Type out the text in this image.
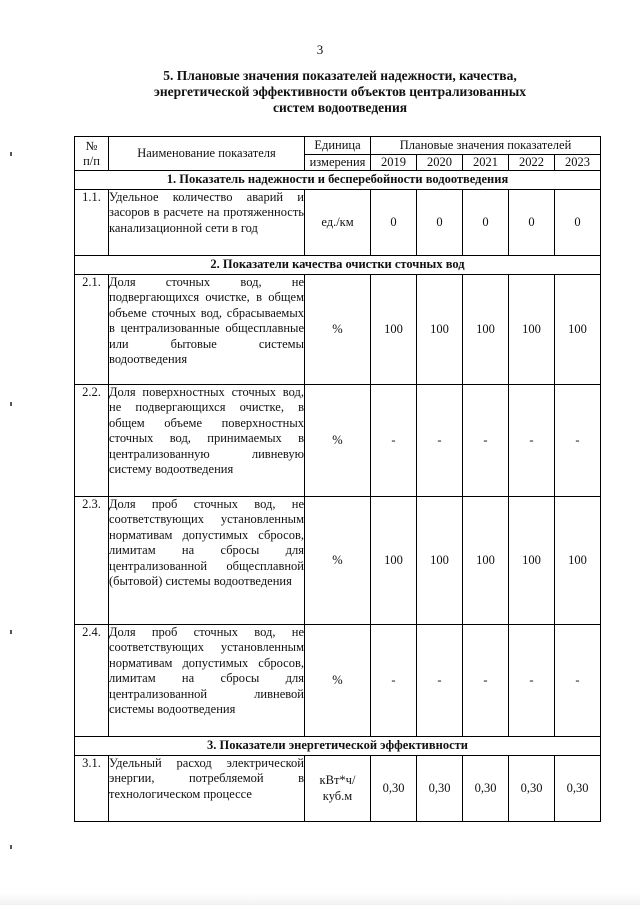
3
5. Плановые значения показателей надежности, качества,
энергетической эффективности объектов централизованных
систем водоотведения
№
п/п	Наименование показателя	Единица	Плановые значения показателей				
		измерения	2019	2020	2021	2022	2023
1. Показатель надежности и бесперебойности водоотведения							
1.1.	Удельное количество аварий и засоров в расчете на протяженность канализационной сети в год	ед./км	0	0	0	0	0
2. Показатели качества очистки сточных вод							
2.1.	Доля сточных вод, не подвергающихся очистке, в общем объеме сточных вод, сбрасываемых в централизованные общесплавные или бытовые системы водоотведения	%	100	100	100	100	100
2.2.	Доля поверхностных сточных вод, не подвергающихся очистке, в общем объеме поверхностных сточных вод, принимаемых в централизованную ливневую систему водоотведения	%	-	-	-	-	-
2.3.	Доля проб сточных вод, не соответствующих установленным нормативам допустимых сбросов, лимитам на сбросы для централизованной общесплавной (бытовой) системы водоотведения	%	100	100	100	100	100
2.4.	Доля проб сточных вод, не соответствующих установленным нормативам допустимых сбросов, лимитам на сбросы для централизованной ливневой системы водоотведения	%	-	-	-	-	-
3. Показатели энергетической эффективности							
3.1.	Удельный расход электрической энергии, потребляемой в технологическом процессе	кВт*ч/
куб.м	0,30	0,30	0,30	0,30	0,30
